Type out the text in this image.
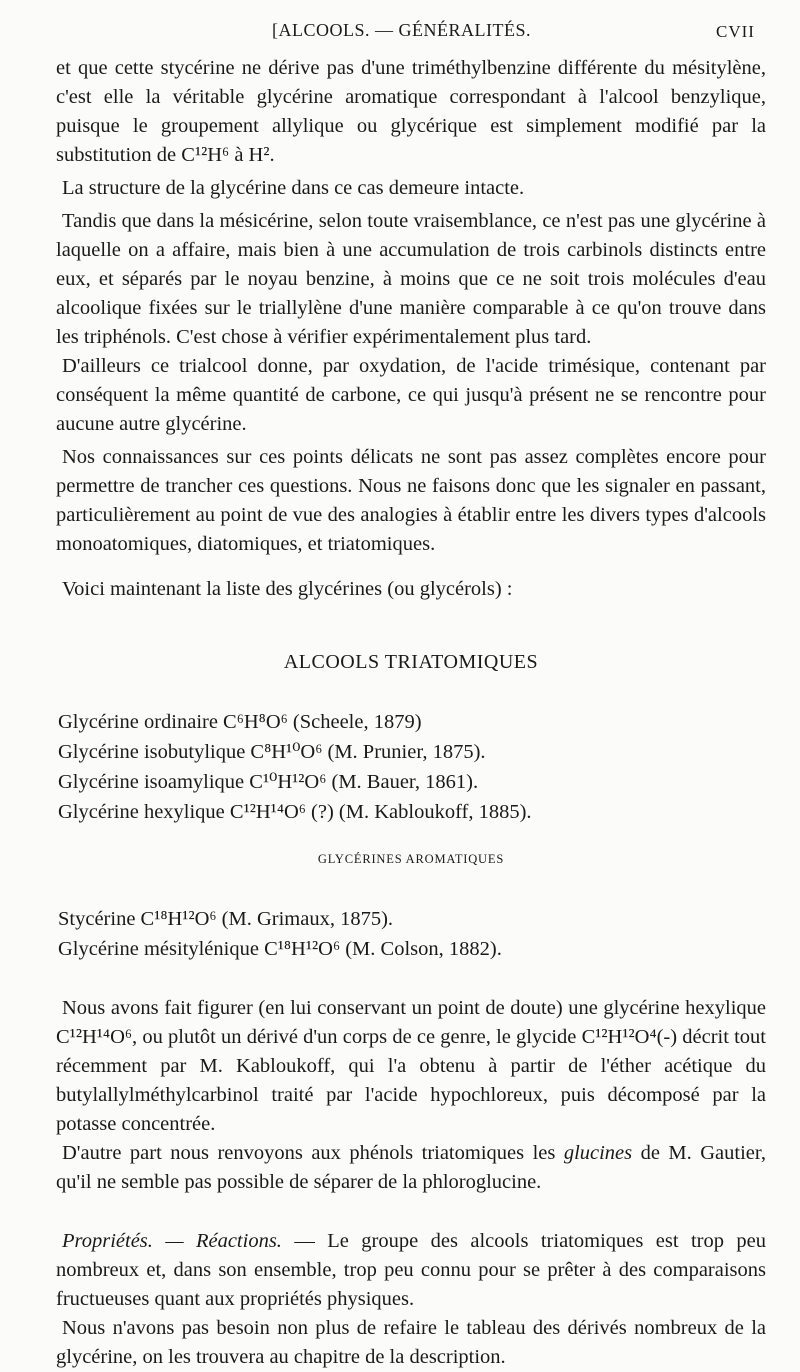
[ALCOOLS. — GÉNÉRALITÉS.	CVII

et que cette stycérine ne dérive pas d'une triméthylbenzine différente du mésitylène, c'est elle la véritable glycérine aromatique correspondant à l'alcool benzylique, puisque le groupement allylique ou glycérique est simplement modifié par la substitution de C¹²H⁶ à H².

La structure de la glycérine dans ce cas demeure intacte.

Tandis que dans la mésicérine, selon toute vraisemblance, ce n'est pas une glycérine à laquelle on a affaire, mais bien à une accumulation de trois carbinols distincts entre eux, et séparés par le noyau benzine, à moins que ce ne soit trois molécules d'eau alcoolique fixées sur le triallylène d'une manière comparable à ce qu'on trouve dans les triphénols. C'est chose à vérifier expérimentalement plus tard.

D'ailleurs ce trialcool donne, par oxydation, de l'acide trimésique, contenant par conséquent la même quantité de carbone, ce qui jusqu'à présent ne se rencontre pour aucune autre glycérine.

Nos connaissances sur ces points délicats ne sont pas assez complètes encore pour permettre de trancher ces questions. Nous ne faisons donc que les signaler en passant, particulièrement au point de vue des analogies à établir entre les divers types d'alcools monoatomiques, diatomiques, et triatomiques.

Voici maintenant la liste des glycérines (ou glycérols) :

ALCOOLS TRIATOMIQUES
Glycérine ordinaire C⁶H⁸O⁶ (Scheele, 1879)
Glycérine isobutylique C⁸H¹⁰O⁶ (M. Prunier, 1875).
Glycérine isoamylique C¹⁰H¹²O⁶ (M. Bauer, 1861).
Glycérine hexylique C¹²H¹⁴O⁶ (?) (M. Kabloukoff, 1885).
GLYCÉRINES AROMATIQUES
Stycérine C¹⁸H¹²O⁶ (M. Grimaux, 1875).
Glycérine mésitylénique C¹⁸H¹²O⁶ (M. Colson, 1882).

Nous avons fait figurer (en lui conservant un point de doute) une glycérine hexylique C¹²H¹⁴O⁶, ou plutôt un dérivé d'un corps de ce genre, le glycide C¹²H¹²O⁴(-) décrit tout récemment par M. Kabloukoff, qui l'a obtenu à partir de l'éther acétique du butylallylméthylcarbinol traité par l'acide hypochloreux, puis décomposé par la potasse concentrée.

D'autre part nous renvoyons aux phénols triatomiques les glucines de M. Gautier, qu'il ne semble pas possible de séparer de la phloroglucine.

Propriétés. — Réactions. — Le groupe des alcools triatomiques est trop peu nombreux et, dans son ensemble, trop peu connu pour se prêter à des comparaisons fructueuses quant aux propriétés physiques.

Nous n'avons pas besoin non plus de refaire le tableau des dérivés nombreux de la glycérine, on les trouvera au chapitre de la description.
